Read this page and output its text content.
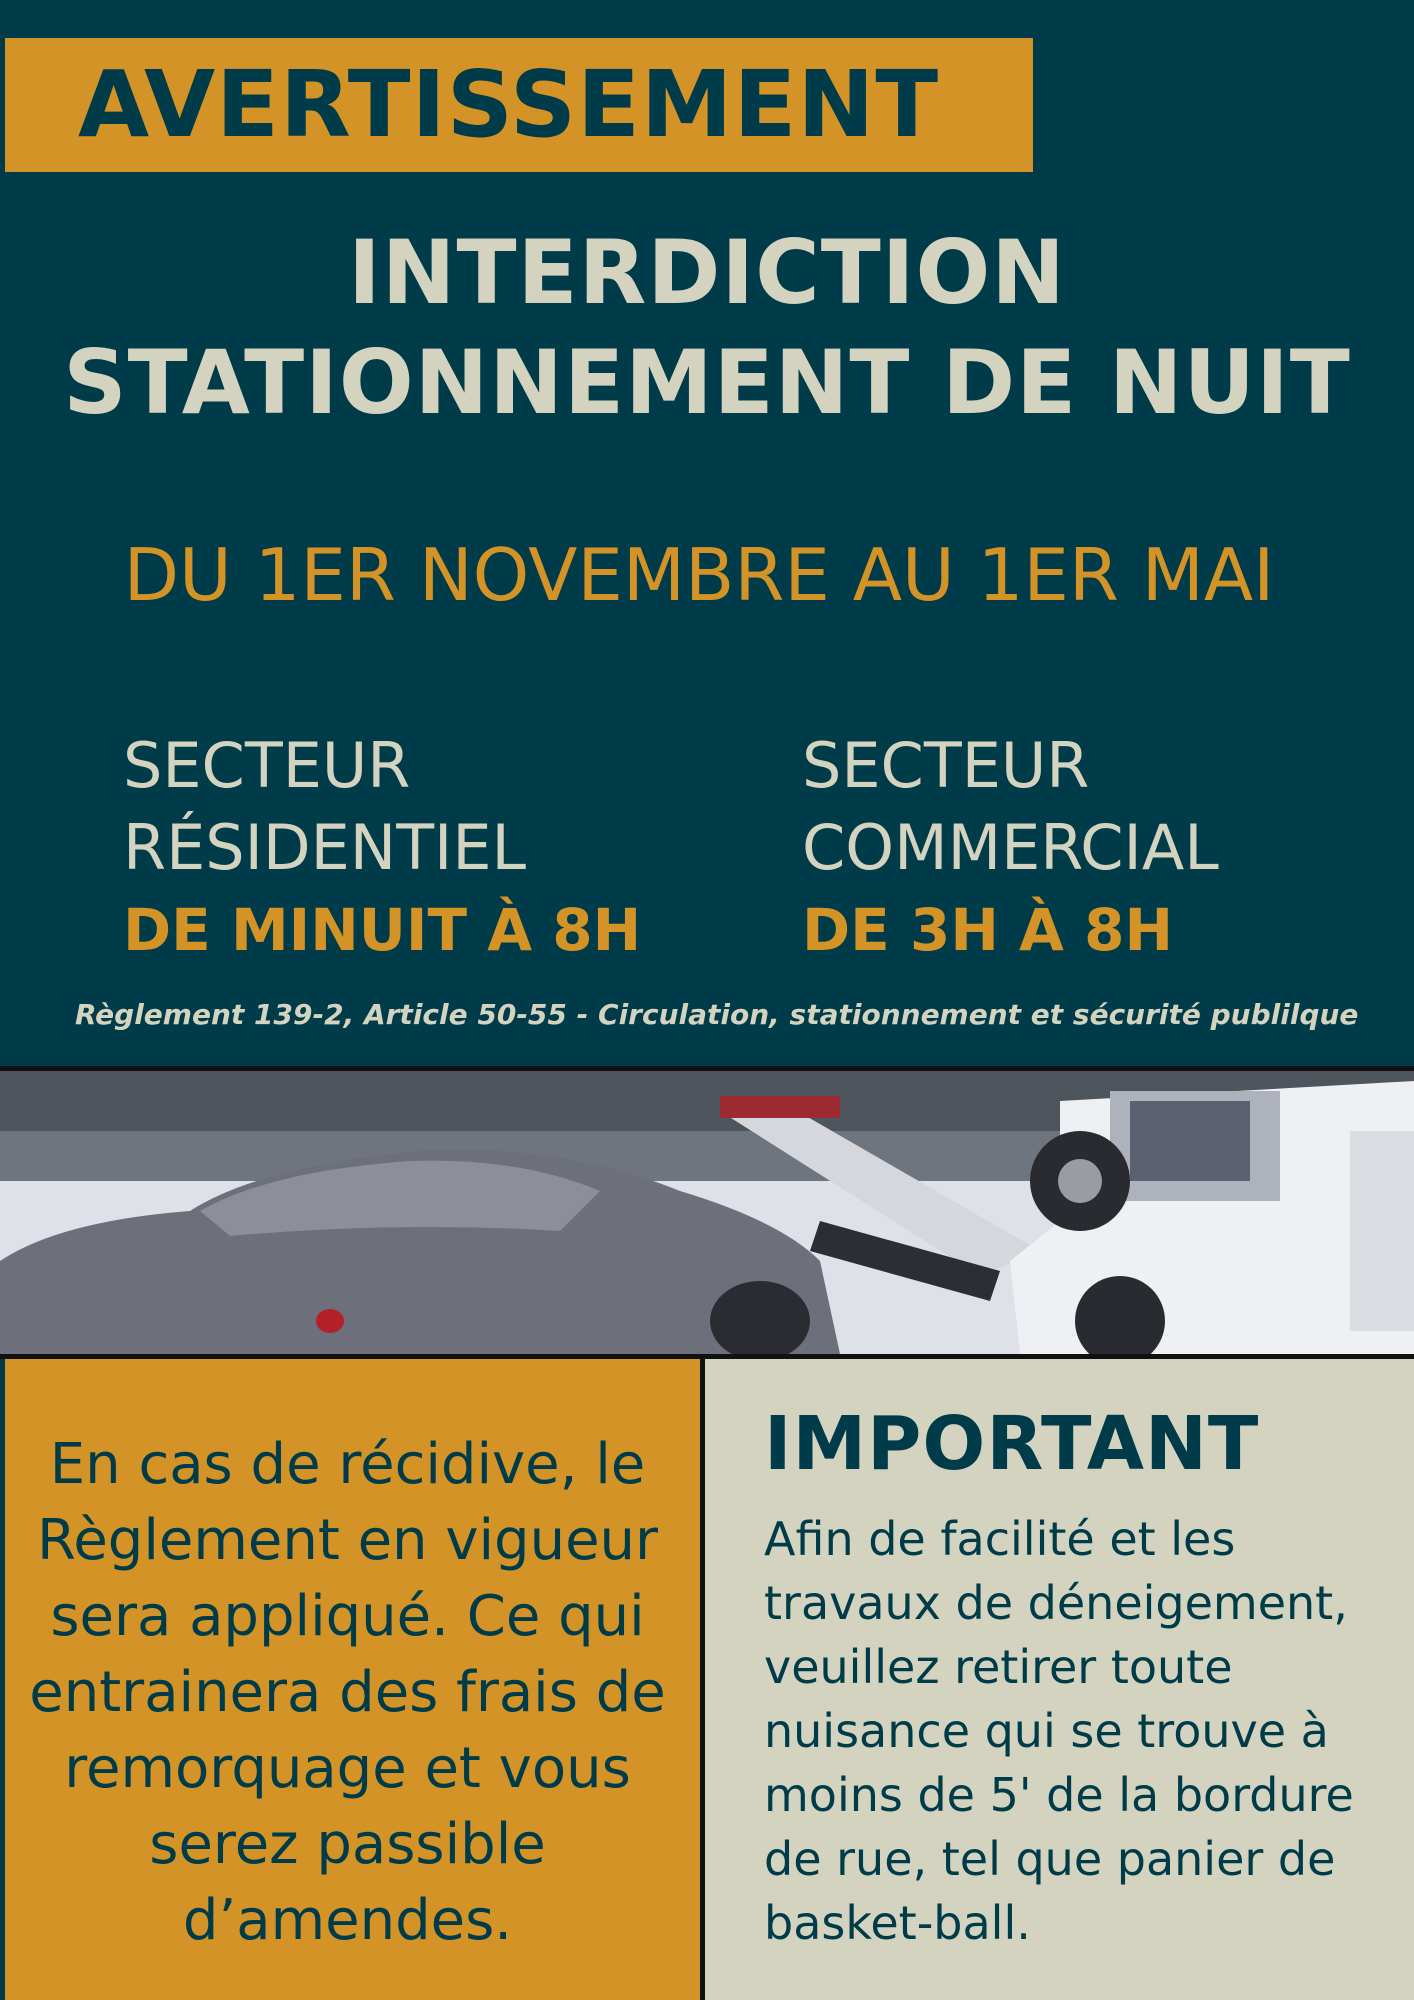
AVERTISSEMENT
INTERDICTION
STATIONNEMENT DE NUIT
DU 1ER NOVEMBRE AU 1ER MAI
SECTEUR
RÉSIDENTIEL
DE MINUIT À 8H
SECTEUR
COMMERCIAL
DE 3H À 8H
Règlement 139-2, Article 50-55 - Circulation, stationnement et sécurité publilque
En cas de récidive, le Règlement en vigueur sera appliqué. Ce qui entrainera des frais de remorquage et vous serez passible d’amendes.
IMPORTANT
Afin de facilité et les travaux de déneigement, veuillez retirer toute nuisance qui se trouve à moins de 5' de la bordure de rue, tel que panier de basket-ball.
